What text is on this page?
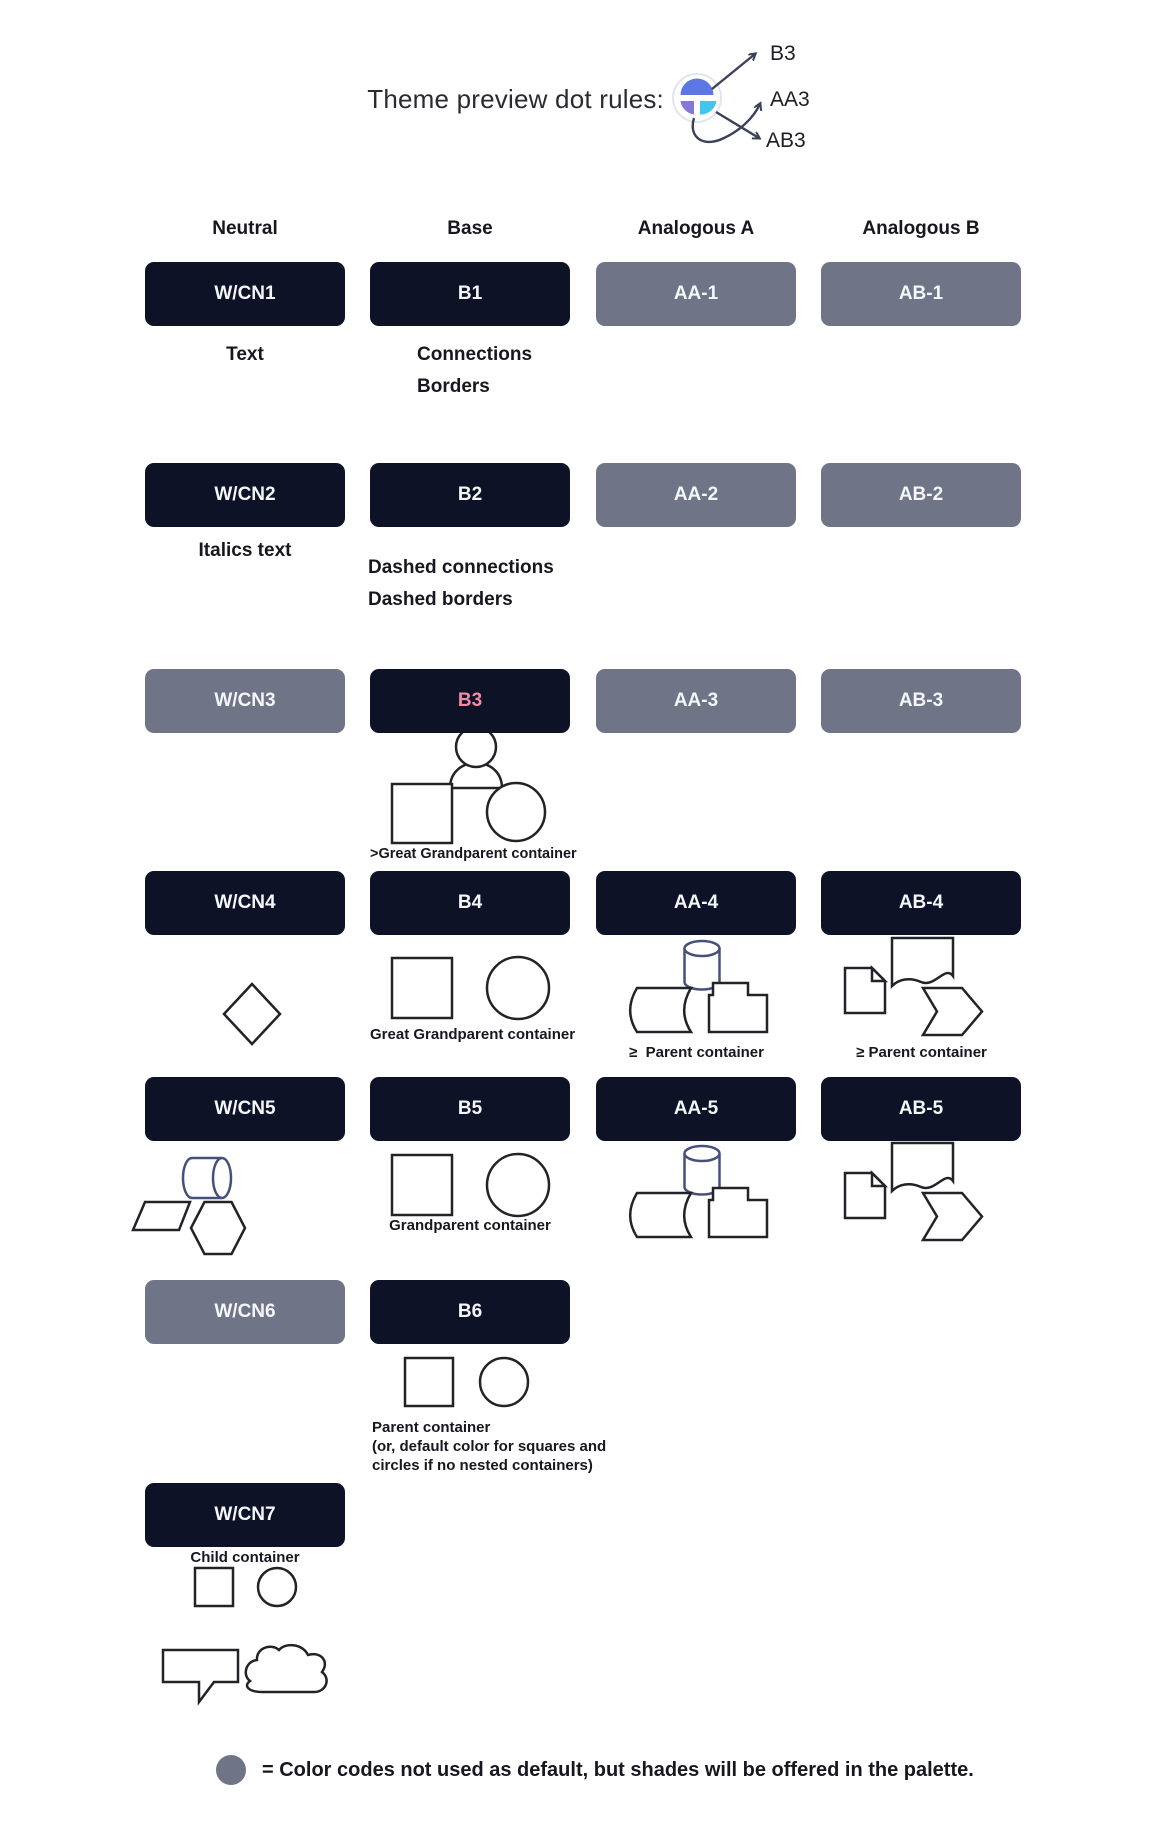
Theme preview dot rules:
B3
AA3
AB3
Neutral	Base	Analogous A	Analogous B
W/CN1	B1	AA-1	AB-1
Text	Connections
Borders
W/CN2	B2	AA-2	AB-2
Italics text
Dashed connections
Dashed borders
W/CN3	B3	AA-3	AB-3
>Great Grandparent container
W/CN4	B4	AA-4	AB-4
Great Grandparent container
≥  Parent container	≥ Parent container
W/CN5	B5	AA-5	AB-5
Grandparent container
W/CN6	B6
Parent container
(or, default color for squares and
circles if no nested containers)
W/CN7
Child container
= Color codes not used as default, but shades will be offered in the palette.
